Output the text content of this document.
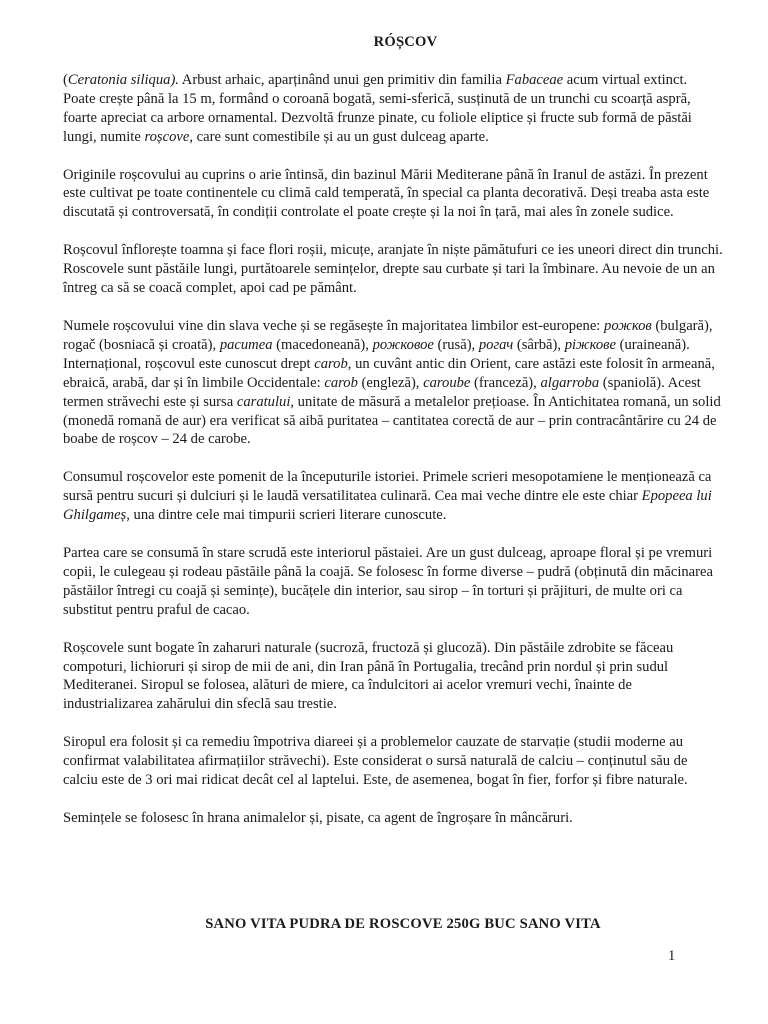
RÓȘCOV

(Ceratonia siliqua). Arbust arhaic, aparținând unui gen primitiv din familia Fabaceae acum virtual extinct. Poate crește până la 15 m, formând o coroană bogată, semi-sferică, susținută de un trunchi cu scoarță aspră, foarte apreciat ca arbore ornamental. Dezvoltă frunze pinate, cu foliole eliptice și fructe sub formă de păstăi lungi, numite roșcove, care sunt comestibile și au un gust dulceag aparte.

Originile roșcovului au cuprins o arie întinsă, din bazinul Mării Mediterane până în Iranul de astăzi. În prezent este cultivat pe toate continentele cu climă cald temperată, în special ca planta decorativă. Deși treaba asta este discutată și controversată, în condiții controlate el poate crește și la noi în țară, mai ales în zonele sudice.

Roșcovul înflorește toamna și face flori roșii, micuțe, aranjate în niște pămătufuri ce ies uneori direct din trunchi. Roscovele sunt păstăile lungi, purtătoarele semințelor, drepte sau curbate și tari la îmbinare. Au nevoie de un an întreg ca să se coacă complet, apoi cad pe pământ.

Numele roșcovului vine din slava veche și se regăsește în majoritatea limbilor est-europene: рожков (bulgară), rogač (bosniacă și croată), рacuтea (macedoneană), рожковое (rusă), рогач (sârbă), ріжкове (uraineană). Internațional, roșcovul este cunoscut drept carob, un cuvânt antic din Orient, care astăzi este folosit în armeană, ebraică, arabă, dar și în limbile Occidentale: carob (engleză), caroube (franceză), algarroba (spaniolă). Acest termen străvechi este și sursa caratului, unitate de măsură a metalelor prețioase. În Antichitatea romană, un solid (monedă romană de aur) era verificat să aibă puritatea – cantitatea corectă de aur – prin contracântărire cu 24 de boabe de roșcov – 24 de carobe.

Consumul roșcovelor este pomenit de la începuturile istoriei. Primele scrieri mesopotamiene le menționează ca sursă pentru sucuri și dulciuri și le laudă versatilitatea culinară. Cea mai veche dintre ele este chiar Epopeea lui Ghilgameș, una dintre cele mai timpurii scrieri literare cunoscute.

Partea care se consumă în stare scrudă este interiorul păstaiei. Are un gust dulceag, aproape floral și pe vremuri copii, le culegeau și rodeau păstăile până la coajă. Se folosesc în forme diverse – pudră (obținută din măcinarea păstăilor întregi cu coajă și semințe), bucățele din interior, sau sirop – în torturi și prăjituri, de multe ori ca substitut pentru praful de cacao.

Roșcovele sunt bogate în zaharuri naturale (sucroză, fructoză și glucoză). Din păstăile zdrobite se făceau compoturi, lichioruri și sirop de mii de ani, din Iran până în Portugalia, trecând prin nordul și prin sudul Mediteranei. Siropul se folosea, alături de miere, ca îndulcitori ai acelor vremuri vechi, înainte de industrializarea zahărului din sfeclă sau trestie.

Siropul era folosit și ca remediu împotriva diareei și a problemelor cauzate de starvație (studii moderne au confirmat valabilitatea afirmațiilor străvechi). Este considerat o sursă naturală de calciu – conținutul său de calciu este de 3 ori mai ridicat decât cel al laptelui. Este, de asemenea, bogat în fier, forfor și fibre naturale.

Semințele se folosesc în hrana animalelor și, pisate, ca agent de îngroșare în mâncăruri.

SANO VITA PUDRA DE ROSCOVE 250G BUC SANO VITA
1
